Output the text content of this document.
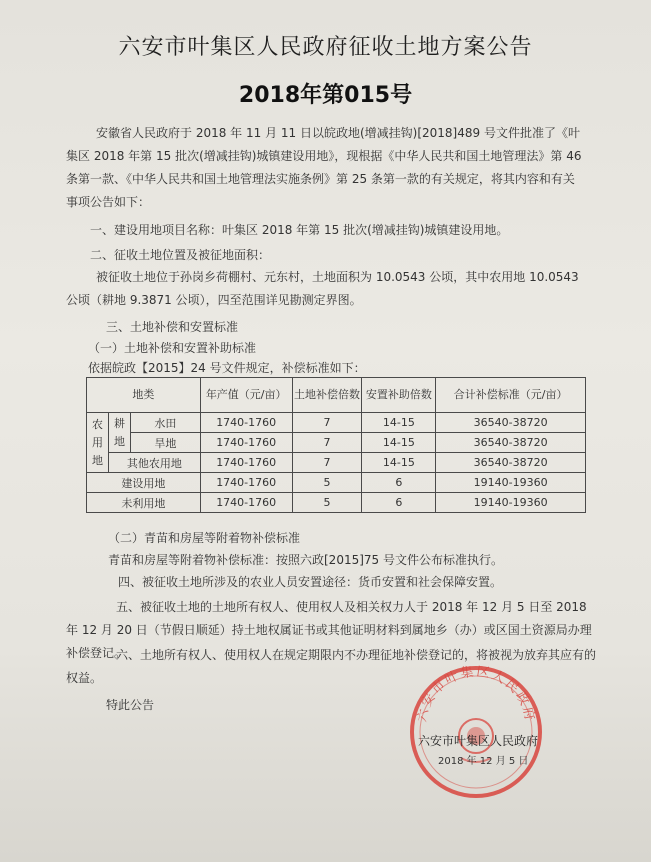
六安市叶集区人民政府征收土地方案公告
2018年第015号
安徽省人民政府于 2018 年 11 月 11 日以皖政地(增减挂钩)[2018]489 号文件批准了《叶集区 2018 年第 15 批次(增减挂钩)城镇建设用地》，现根据《中华人民共和国土地管理法》第 46 条第一款、《中华人民共和国土地管理法实施条例》第 25 条第一款的有关规定，将其内容和有关事项公告如下：
一、建设用地项目名称：叶集区 2018 年第 15 批次(增减挂钩)城镇建设用地。
二、征收土地位置及被征地面积：
被征收土地位于孙岗乡荷棚村、元东村，土地面积为 10.0543 公顷，其中农用地 10.0543 公顷（耕地 9.3871 公顷），四至范围详见勘测定界图。
三、土地补偿和安置标准
（一）土地补偿和安置补助标准
依据皖政【2015】24 号文件规定，补偿标准如下：
地类			年产值（元/亩）	土地补偿倍数	安置补助倍数	合计补偿标准（元/亩）
农用地	耕地	水田	1740-1760	7	14-15	36540-38720
		旱地	1740-1760	7	14-15	36540-38720
	其他农用地		1740-1760	7	14-15	36540-38720
建设用地			1740-1760	5	6	19140-19360
未利用地			1740-1760	5	6	19140-19360
（二）青苗和房屋等附着物补偿标准
青苗和房屋等附着物补偿标准：按照六政[2015]75 号文件公布标准执行。
四、被征收土地所涉及的农业人员安置途径：货币安置和社会保障安置。
五、被征收土地的土地所有权人、使用权人及相关权力人于 2018 年 12 月 5 日至 2018 年 12 月 20 日（节假日顺延）持土地权属证书或其他证明材料到属地乡（办）或区国土资源局办理补偿登记。
六、土地所有权人、使用权人在规定期限内不办理征地补偿登记的，将被视为放弃其应有的权益。
特此公告
六安市叶集区人民政府
六安市叶集区人民政府
2018 年 12 月 5 日
